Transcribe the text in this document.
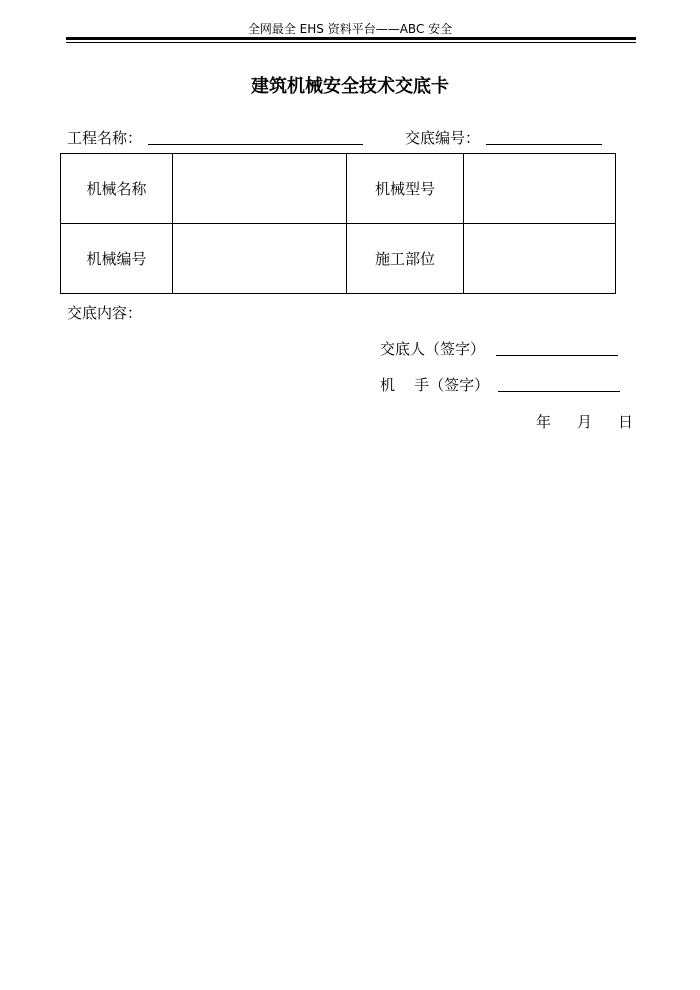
全网最全 EHS 资料平台——ABC 安全
建筑机械安全技术交底卡
工程名称：	交底编号：
机械名称		机械型号	
机械编号		施工部位	
交底内容：
交底人（签字）
机    手（签字）
年 月 日
